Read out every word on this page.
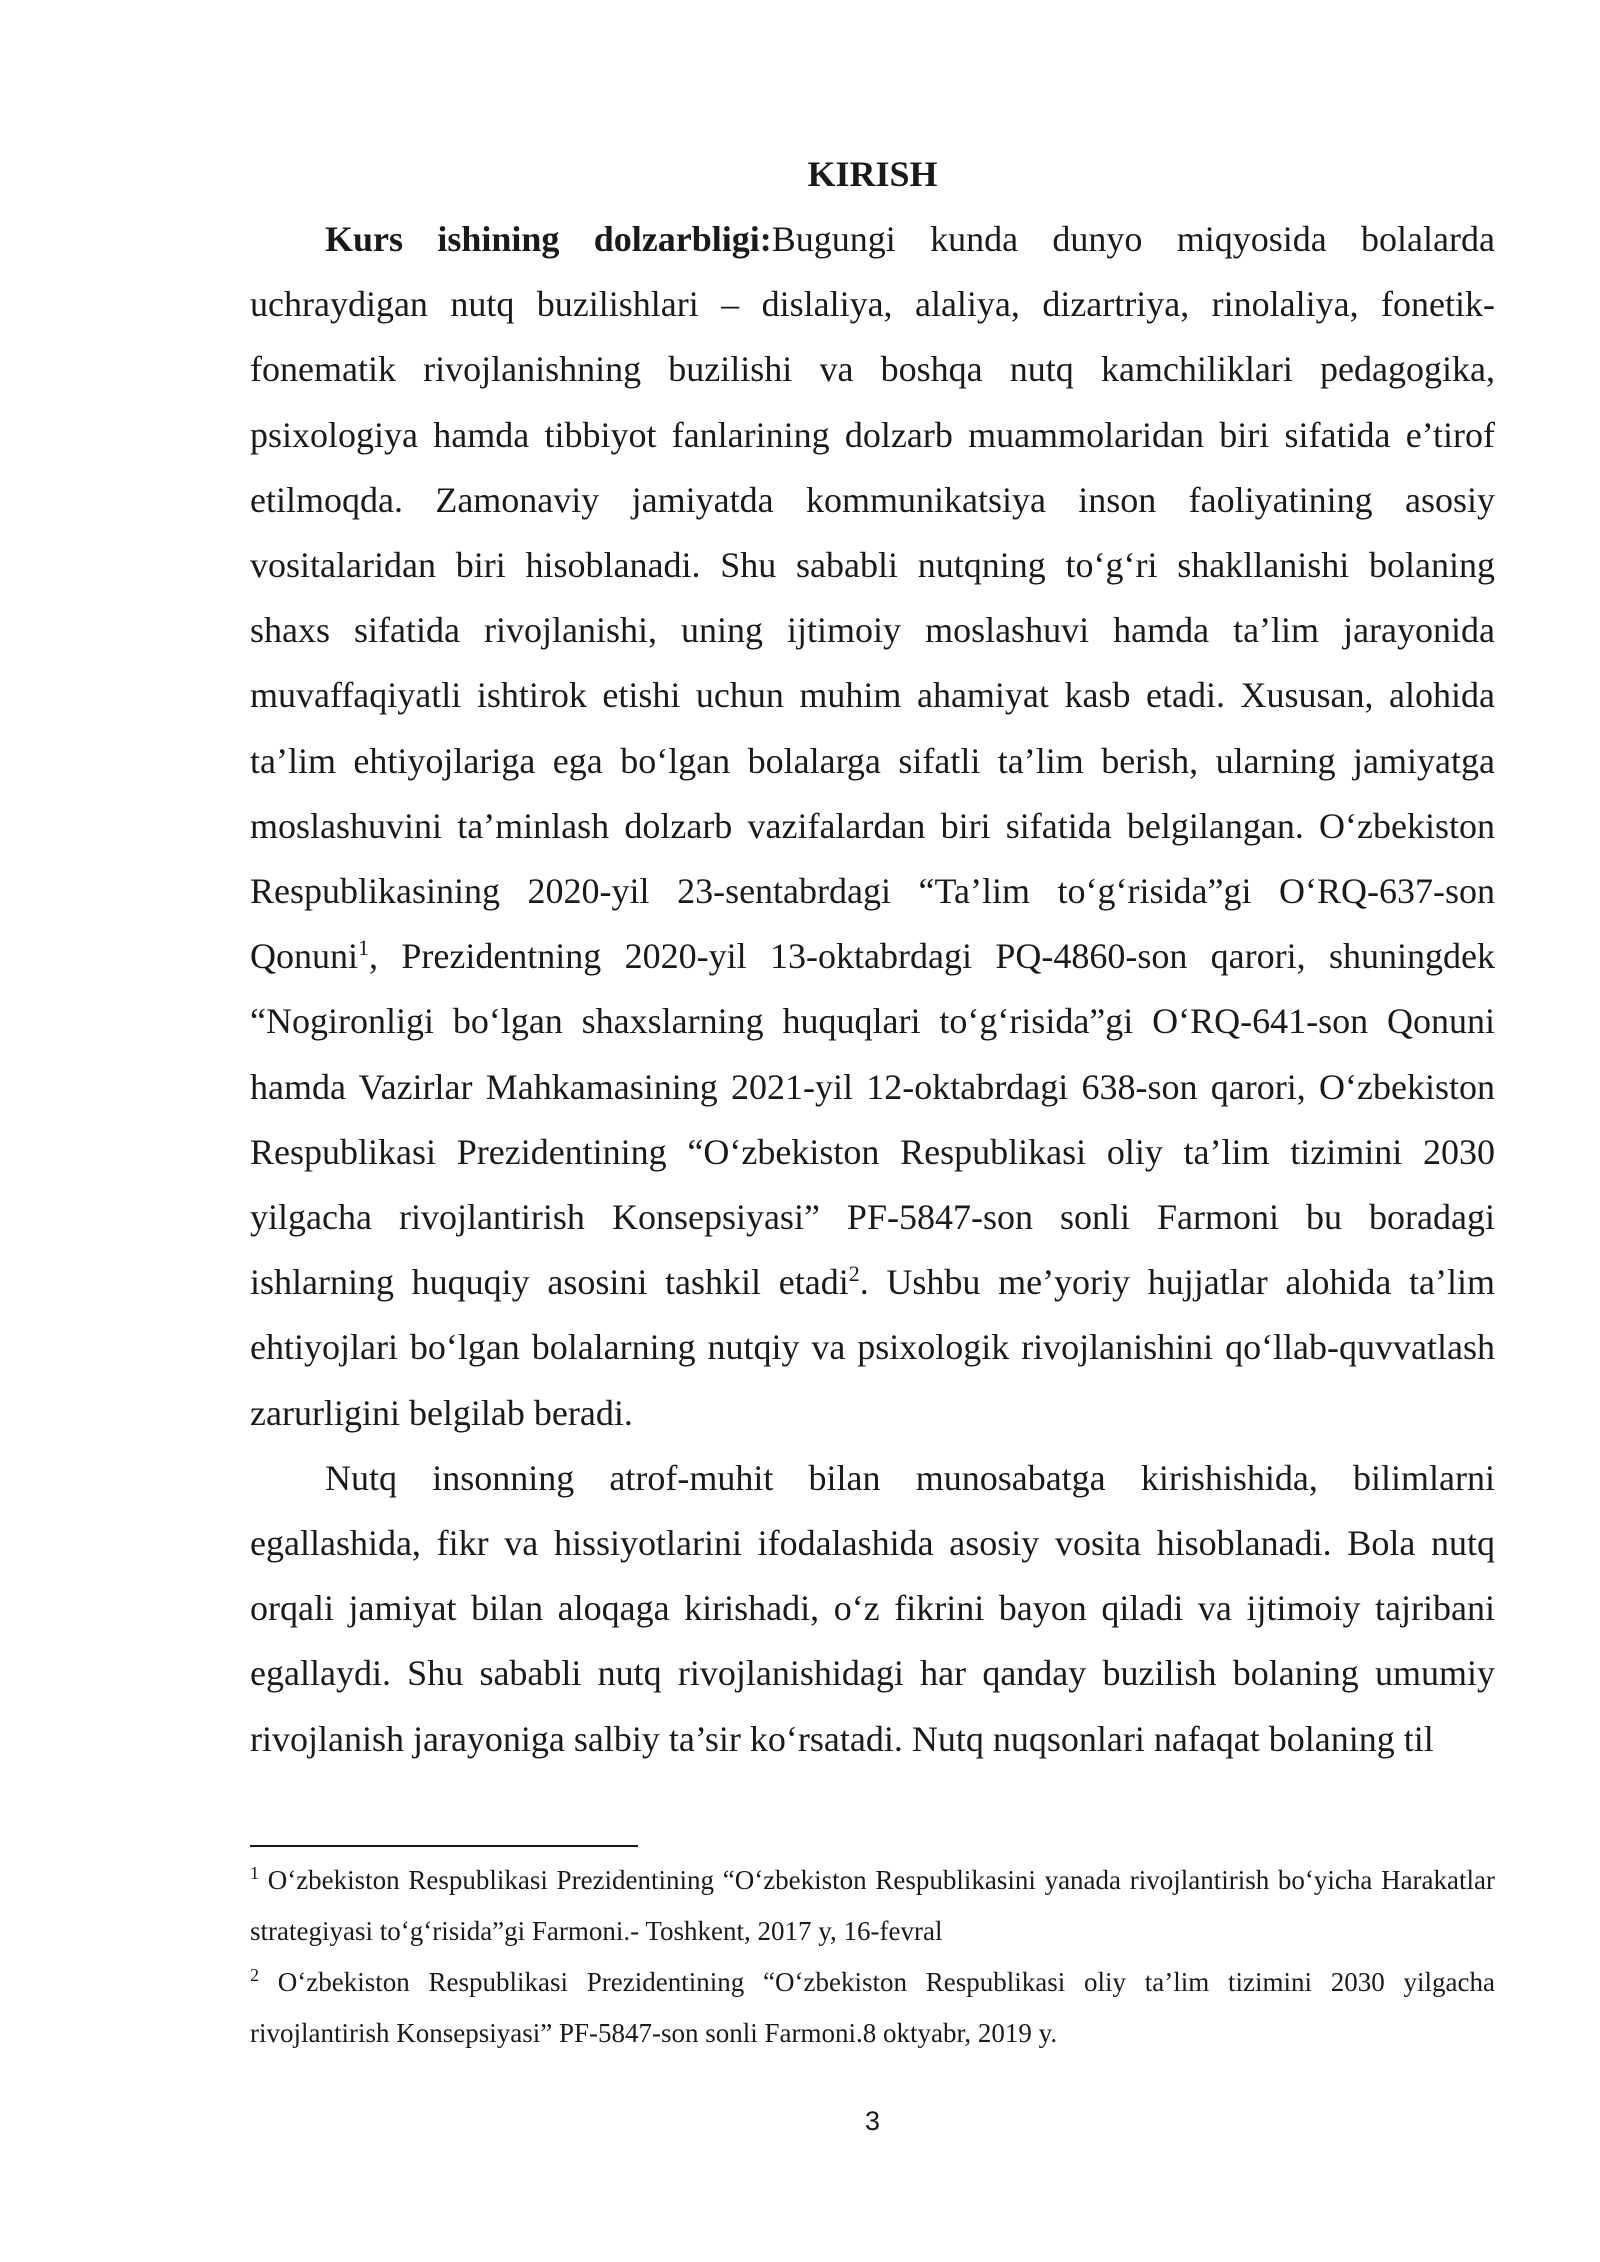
KIRISH

Kurs ishining dolzarbligi:Bugungi kunda dunyo miqyosida bolalarda uchraydigan nutq buzilishlari – dislaliya, alaliya, dizartriya, rinolaliya, fonetik-fonematik rivojlanishning buzilishi va boshqa nutq kamchiliklari pedagogika, psixologiya hamda tibbiyot fanlarining dolzarb muammolaridan biri sifatida e’tirof etilmoqda. Zamonaviy jamiyatda kommunikatsiya inson faoliyatining asosiy vositalaridan biri hisoblanadi. Shu sababli nutqning to‘g‘ri shakllanishi bolaning shaxs sifatida rivojlanishi, uning ijtimoiy moslashuvi hamda ta’lim jarayonida muvaffaqiyatli ishtirok etishi uchun muhim ahamiyat kasb etadi. Xususan, alohida ta’lim ehtiyojlariga ega bo‘lgan bolalarga sifatli ta’lim berish, ularning jamiyatga moslashuvini ta’minlash dolzarb vazifalardan biri sifatida belgilangan. O‘zbekiston Respublikasining 2020-yil 23-sentabrdagi “Ta’lim to‘g‘risida”gi O‘RQ-637-son Qonuni$^1$, Prezidentning 2020-yil 13-oktabrdagi PQ-4860-son qarori, shuningdek “Nogironligi bo‘lgan shaxslarning huquqlari to‘g‘risida”gi O‘RQ-641-son Qonuni hamda Vazirlar Mahkamasining 2021-yil 12-oktabrdagi 638-son qarori, O‘zbekiston Respublikasi Prezidentining “O‘zbekiston Respublikasi oliy ta’lim tizimini 2030 yilgacha rivojlantirish Konsepsiyasi” PF-5847-son sonli Farmoni bu boradagi ishlarning huquqiy asosini tashkil etadi$^2$. Ushbu me’yoriy hujjatlar alohida ta’lim ehtiyojlari bo‘lgan bolalarning nutqiy va psixologik rivojlanishini qo‘llab-quvvatlash zarurligini belgilab beradi.

Nutq insonning atrof-muhit bilan munosabatga kirishishida, bilimlarni egallashida, fikr va hissiyotlarini ifodalashida asosiy vosita hisoblanadi. Bola nutq orqali jamiyat bilan aloqaga kirishadi, o‘z fikrini bayon qiladi va ijtimoiy tajribani egallaydi. Shu sababli nutq rivojlanishidagi har qanday buzilish bolaning umumiy rivojlanish jarayoniga salbiy ta’sir ko‘rsatadi. Nutq nuqsonlari nafaqat bolaning til

$^1$ O‘zbekiston Respublikasi Prezidentining “O‘zbekiston Respublikasini yanada rivojlantirish bo‘yicha Harakatlar strategiyasi to‘g‘risida”gi Farmoni.- Toshkent, 2017 y, 16-fevral

$^2$ O‘zbekiston Respublikasi Prezidentining “O‘zbekiston Respublikasi oliy ta’lim tizimini 2030 yilgacha rivojlantirish Konsepsiyasi” PF-5847-son sonli Farmoni.8 oktyabr, 2019 y.

3
